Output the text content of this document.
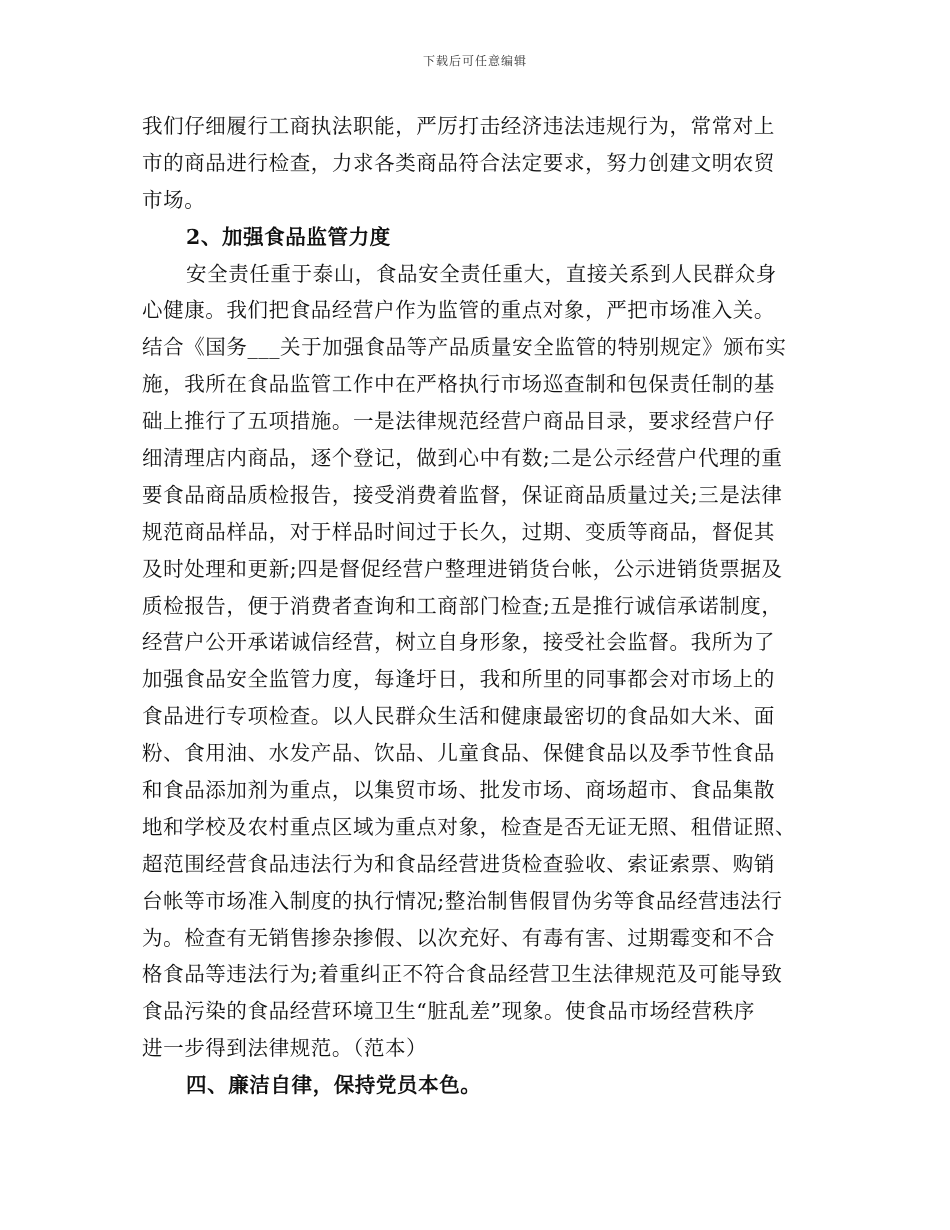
下载后可任意编辑
我们仔细履行工商执法职能，严厉打击经济违法违规行为，常常对上
市的商品进行检查，力求各类商品符合法定要求，努力创建文明农贸
市场。
2、加强食品监管力度
安全责任重于泰山，食品安全责任重大，直接关系到人民群众身
心健康。我们把食品经营户作为监管的重点对象，严把市场准入关。
结合《国务___关于加强食品等产品质量安全监管的特别规定》颁布实
施，我所在食品监管工作中在严格执行市场巡查制和包保责任制的基
础上推行了五项措施。一是法律规范经营户商品目录，要求经营户仔
细清理店内商品，逐个登记，做到心中有数;二是公示经营户代理的重
要食品商品质检报告，接受消费着监督，保证商品质量过关;三是法律
规范商品样品，对于样品时间过于长久，过期、变质等商品，督促其
及时处理和更新;四是督促经营户整理进销货台帐，公示进销货票据及
质检报告，便于消费者查询和工商部门检查;五是推行诚信承诺制度，
经营户公开承诺诚信经营，树立自身形象，接受社会监督。我所为了
加强食品安全监管力度，每逢圩日，我和所里的同事都会对市场上的
食品进行专项检查。以人民群众生活和健康最密切的食品如大米、面
粉、食用油、水发产品、饮品、儿童食品、保健食品以及季节性食品
和食品添加剂为重点，以集贸市场、批发市场、商场超市、食品集散
地和学校及农村重点区域为重点对象，检查是否无证无照、租借证照、
超范围经营食品违法行为和食品经营进货检查验收、索证索票、购销
台帐等市场准入制度的执行情况;整治制售假冒伪劣等食品经营违法行
为。检查有无销售掺杂掺假、以次充好、有毒有害、过期霉变和不合
格食品等违法行为;着重纠正不符合食品经营卫生法律规范及可能导致
食品污染的食品经营环境卫生“脏乱差”现象。使食品市场经营秩序
进一步得到法律规范。（范本）
四、廉洁自律，保持党员本色。
